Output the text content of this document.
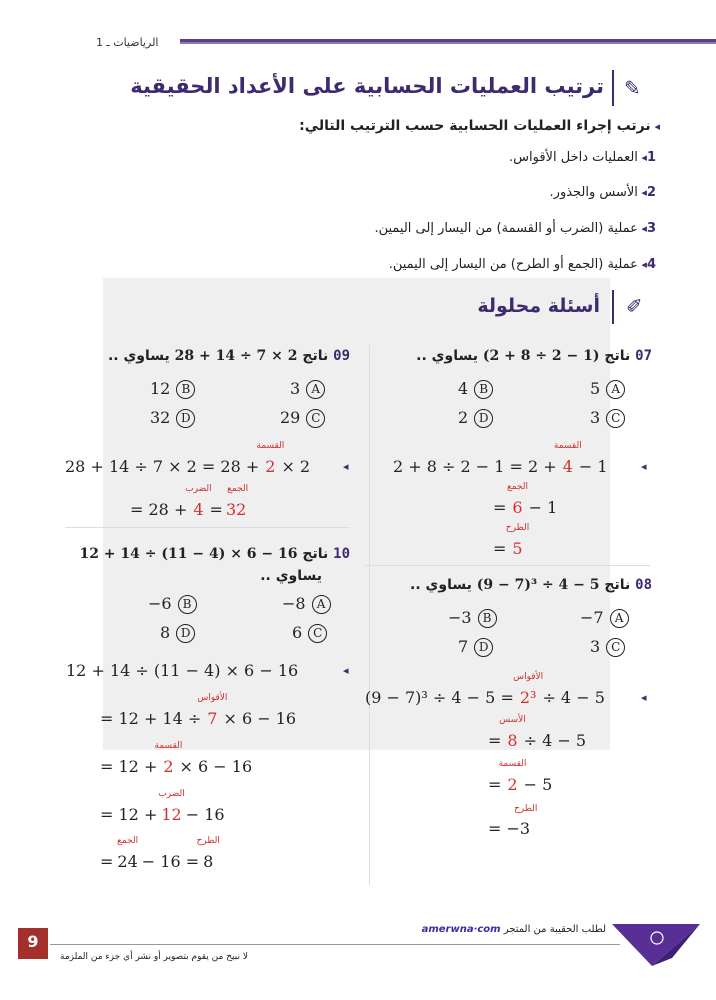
الرياضيات ـ 1
✎
ترتيب العمليات الحسابية على الأعداد الحقيقية
◂ نرتب إجراء العمليات الحسابية حسب الترتيب التالي:
1◂ العمليات داخل الأقواس.
2◂ الأسس والجذور.
3◂ عملية (الضرب أو القسمة) من اليسار إلى اليمين.
4◂ عملية (الجمع أو الطرح) من اليسار إلى اليمين.
✐
أسئلة محلولة
07 ناتج (2 + 8 ÷ 2 − 1) يساوي ..
5 A
4 B
3 C
2 D
◂
2 + 8 ÷ 2 − 1 = 2 +
القسمة
4 − 1
=
الجمع
6 − 1
=
الطرح
5
08 ناتج (9 − 7)³ ÷ 4 − 5 يساوي ..
−7 A
−3 B
3 C
7 D
◂
(9 − 7)³ ÷ 4 − 5 =
الأقواس
2³ ÷ 4 − 5
=
الأسس
8 ÷ 4 − 5
=
القسمة
2 − 5
الطرح
= −3
09 ناتج 28 + 14 ÷ 7 × 2 يساوي ..
3 A
12 B
29 C
32 D
◂
28 + 14 ÷ 7 × 2 = 28 +
القسمة
2 × 2
= 28 +
الضرب
4 =
الجمع
32
10 ناتج 12 + 14 ÷ (11 − 4) × 6 − 16
يساوي ..
−8 A
−6 B
6 C
8 D
◂
12 + 14 ÷ (11 − 4) × 6 − 16
= 12 + 14 ÷
الأقواس
7 × 6 − 16
= 12 +
القسمة
2 × 6 − 16
= 12 +
الضرب
12 − 16
=
الجمع
24 − 16 =
الطرح
8
لطلب الحقيبة من المتجر amerwna·com
9
لا نبيح من يقوم بتصوير أو نشر أي جزء من الملزمة
